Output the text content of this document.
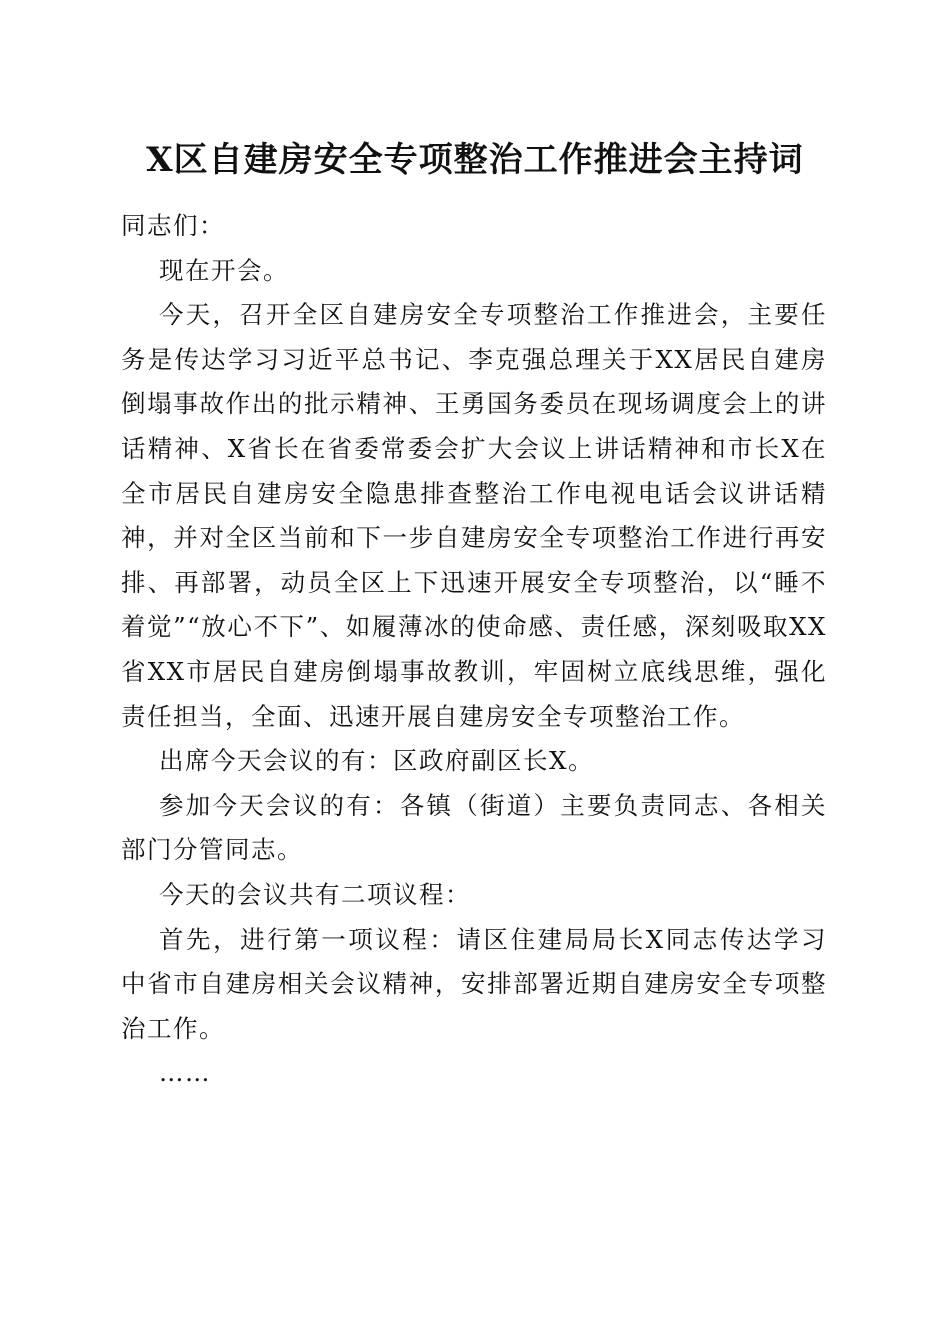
X区自建房安全专项整治工作推进会主持词

同志们：

现在开会。

今天，召开全区自建房安全专项整治工作推进会，主要任务是传达学习习近平总书记、李克强总理关于XX居民自建房倒塌事故作出的批示精神、王勇国务委员在现场调度会上的讲话精神、X省长在省委常委会扩大会议上讲话精神和市长X在全市居民自建房安全隐患排查整治工作电视电话会议讲话精神，并对全区当前和下一步自建房安全专项整治工作进行再安排、再部署，动员全区上下迅速开展安全专项整治，以“睡不着觉”“放心不下”、如履薄冰的使命感、责任感，深刻吸取XX省XX市居民自建房倒塌事故教训，牢固树立底线思维，强化责任担当，全面、迅速开展自建房安全专项整治工作。

出席今天会议的有：区政府副区长X。

参加今天会议的有：各镇（街道）主要负责同志、各相关部门分管同志。

今天的会议共有二项议程：

首先，进行第一项议程：请区住建局局长X同志传达学习中省市自建房相关会议精神，安排部署近期自建房安全专项整治工作。

……
